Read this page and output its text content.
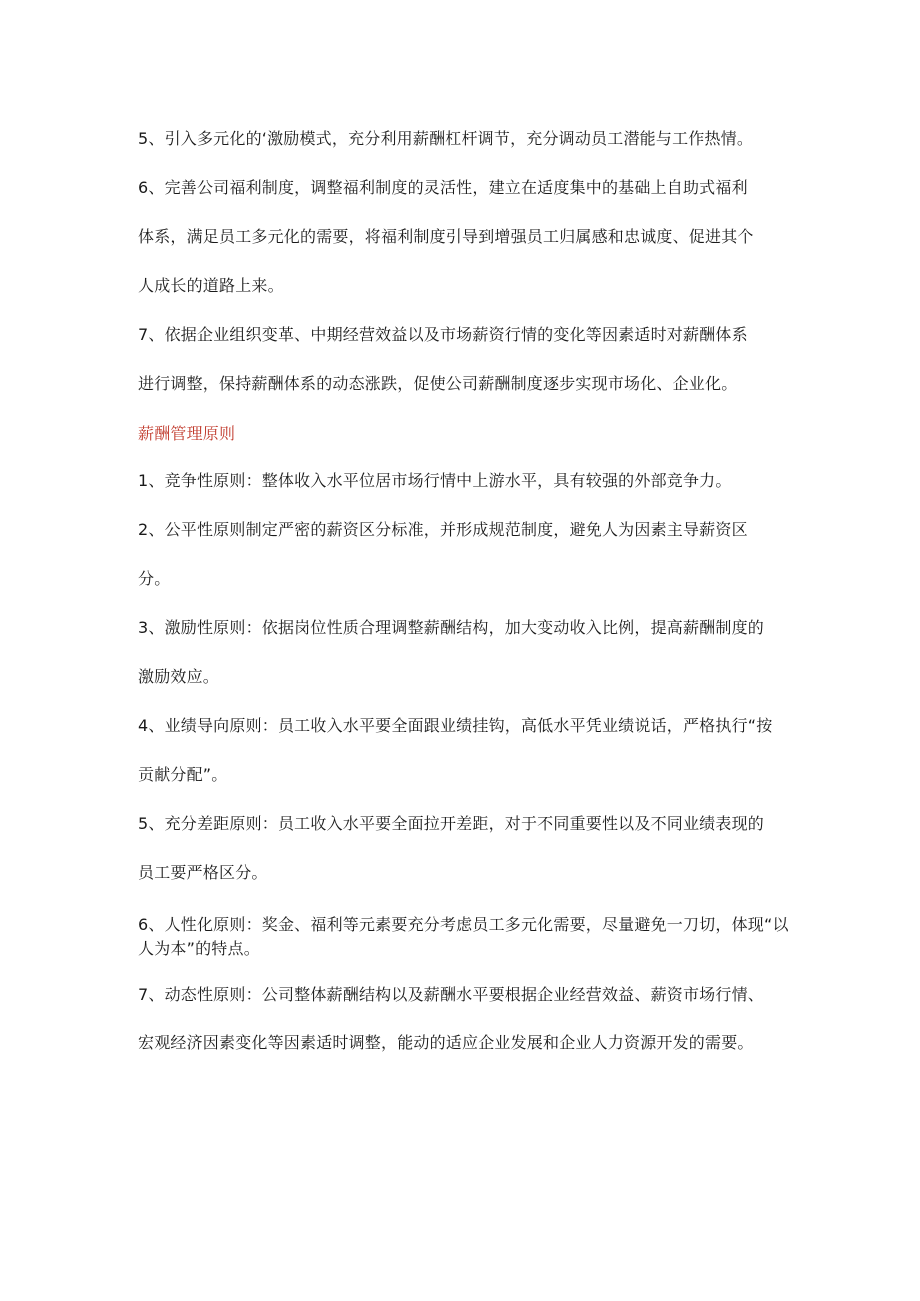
5、引入多元化的‘激励模式，充分利用薪酬杠杆调节，充分调动员工潜能与工作热情。
6、完善公司福利制度，调整福利制度的灵活性，建立在适度集中的基础上自助式福利
体系，满足员工多元化的需要，将福利制度引导到增强员工归属感和忠诚度、促进其个
人成长的道路上来。
7、依据企业组织变革、中期经营效益以及市场薪资行情的变化等因素适时对薪酬体系
进行调整，保持薪酬体系的动态涨跌，促使公司薪酬制度逐步实现市场化、企业化。
薪酬管理原则
1、竞争性原则：整体收入水平位居市场行情中上游水平，具有较强的外部竞争力。
2、公平性原则制定严密的薪资区分标准，并形成规范制度，避免人为因素主导薪资区
分。
3、激励性原则：依据岗位性质合理调整薪酬结构，加大变动收入比例，提高薪酬制度的
激励效应。
4、业绩导向原则：员工收入水平要全面跟业绩挂钩，高低水平凭业绩说话，严格执行“按
贡献分配”。
5、充分差距原则：员工收入水平要全面拉开差距，对于不同重要性以及不同业绩表现的
员工要严格区分。
6、人性化原则：奖金、福利等元素要充分考虑员工多元化需要，尽量避免一刀切，体现“以
人为本”的特点。
7、动态性原则：公司整体薪酬结构以及薪酬水平要根据企业经营效益、薪资市场行情、
宏观经济因素变化等因素适时调整，能动的适应企业发展和企业人力资源开发的需要。
